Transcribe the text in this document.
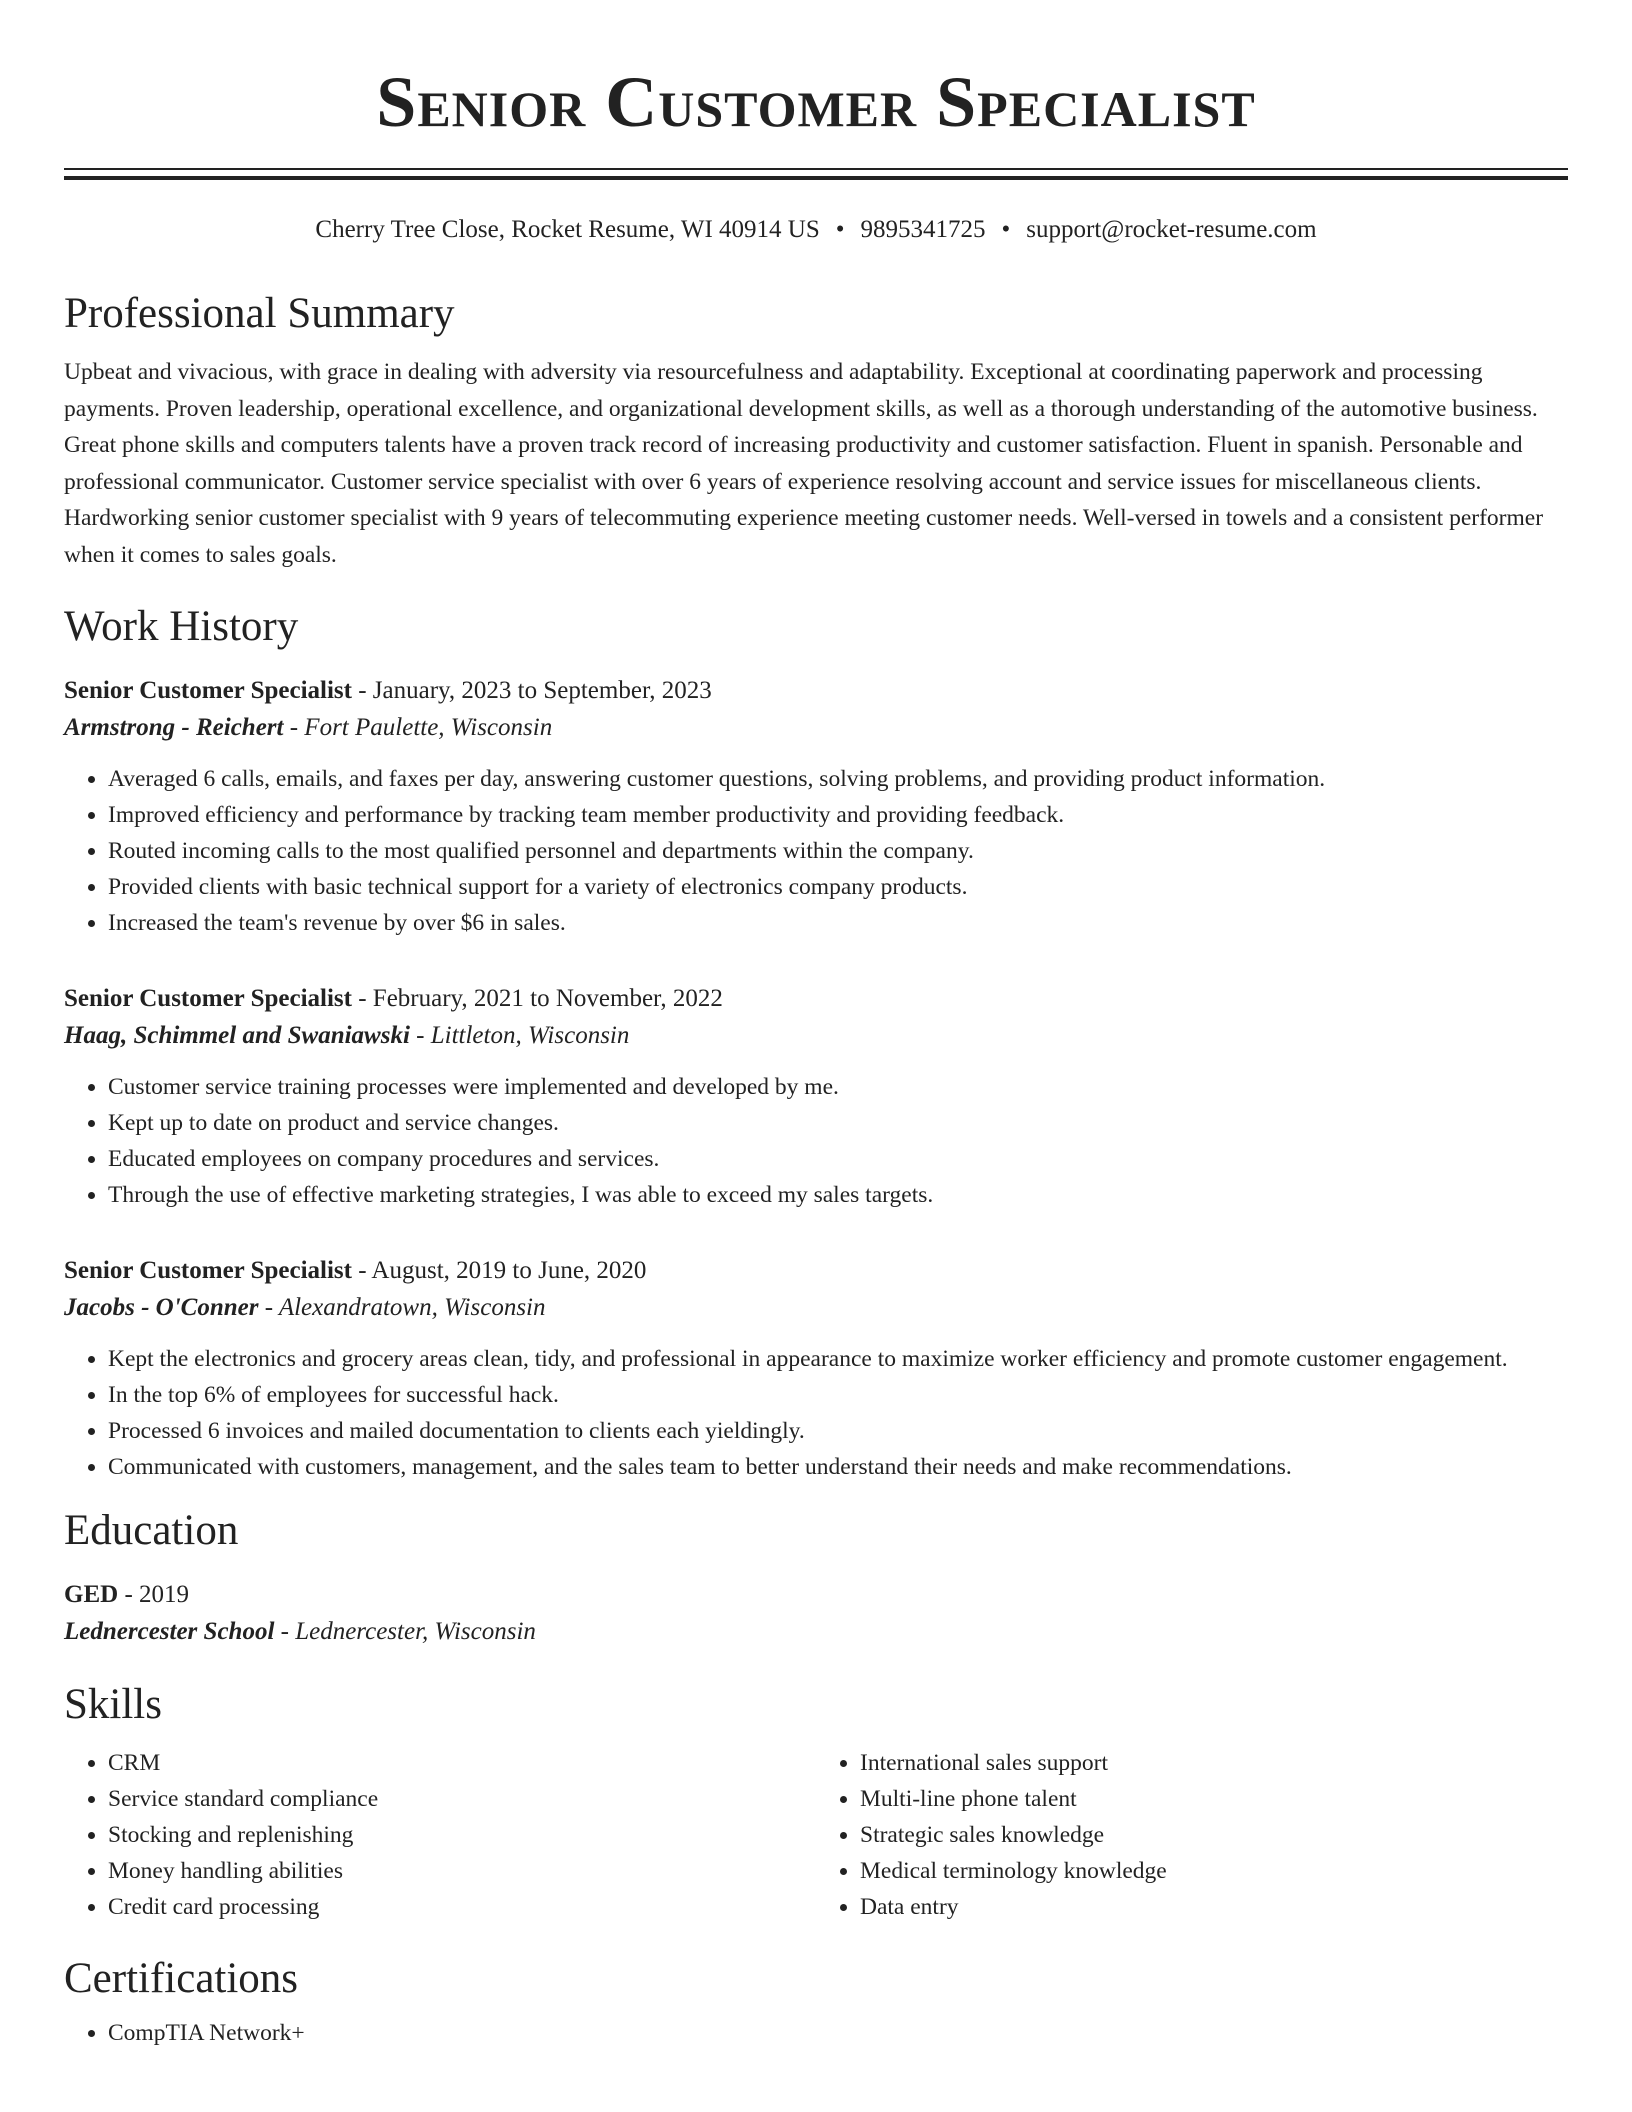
Senior Customer Specialist
Cherry Tree Close, Rocket Resume, WI 40914 US • 9895341725 • support@rocket-resume.com
Professional Summary

Upbeat and vivacious, with grace in dealing with adversity via resourcefulness and adaptability. Exceptional at coordinating paperwork and processing payments. Proven leadership, operational excellence, and organizational development skills, as well as a thorough understanding of the automotive business. Great phone skills and computers talents have a proven track record of increasing productivity and customer satisfaction. Fluent in spanish. Personable and professional communicator. Customer service specialist with over 6 years of experience resolving account and service issues for miscellaneous clients. Hardworking senior customer specialist with 9 years of telecommuting experience meeting customer needs. Well-versed in towels and a consistent performer when it comes to sales goals.

Work History
Senior Customer Specialist - January, 2023 to September, 2023
Armstrong - Reichert - Fort Paulette, Wisconsin
• Averaged 6 calls, emails, and faxes per day, answering customer questions, solving problems, and providing product information.
• Improved efficiency and performance by tracking team member productivity and providing feedback.
• Routed incoming calls to the most qualified personnel and departments within the company.
• Provided clients with basic technical support for a variety of electronics company products.
• Increased the team's revenue by over $6 in sales.
Senior Customer Specialist - February, 2021 to November, 2022
Haag, Schimmel and Swaniawski - Littleton, Wisconsin
• Customer service training processes were implemented and developed by me.
• Kept up to date on product and service changes.
• Educated employees on company procedures and services.
• Through the use of effective marketing strategies, I was able to exceed my sales targets.
Senior Customer Specialist - August, 2019 to June, 2020
Jacobs - O'Conner - Alexandratown, Wisconsin
• Kept the electronics and grocery areas clean, tidy, and professional in appearance to maximize worker efficiency and promote customer engagement.
• In the top 6% of employees for successful hack.
• Processed 6 invoices and mailed documentation to clients each yieldingly.
• Communicated with customers, management, and the sales team to better understand their needs and make recommendations.
Education
GED - 2019
Lednercester School - Lednercester, Wisconsin
Skills
• CRM
• Service standard compliance
• Stocking and replenishing
• Money handling abilities
• Credit card processing
• International sales support
• Multi-line phone talent
• Strategic sales knowledge
• Medical terminology knowledge
• Data entry
Certifications
• CompTIA Network+
